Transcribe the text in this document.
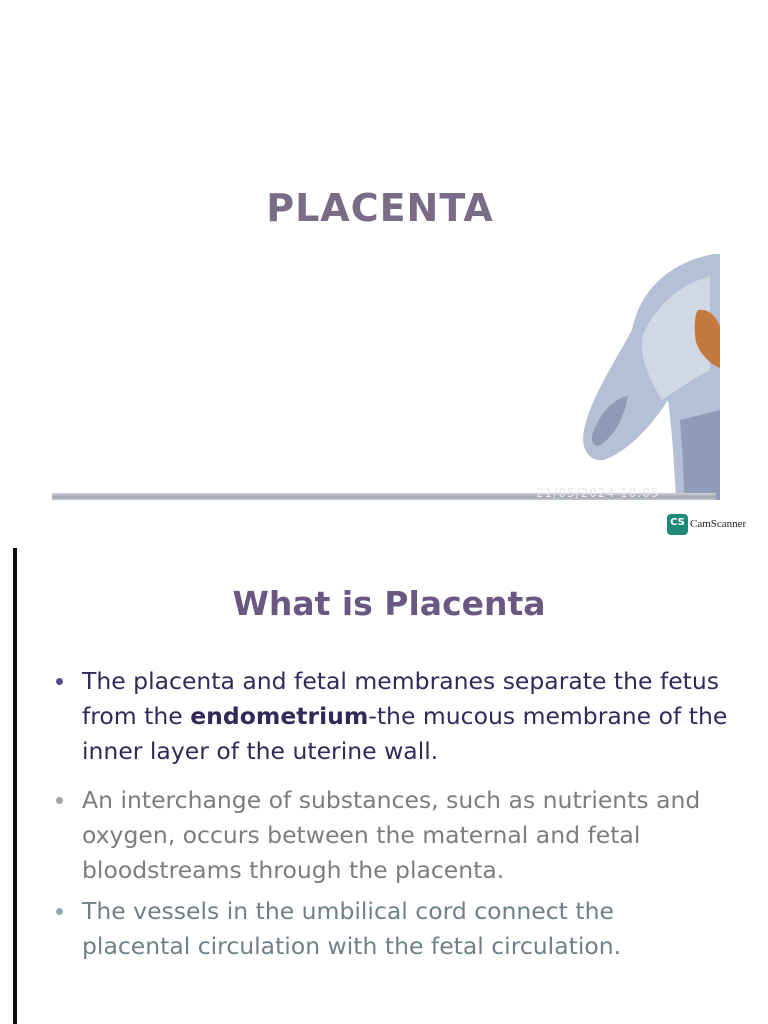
PLACENTA
21/05/2024 10:05
CS CamScanner
What is Placenta
The placenta and fetal membranes separate the fetus from the endometrium-the mucous membrane of the inner layer of the uterine wall.
An interchange of substances, such as nutrients and oxygen, occurs between the maternal and fetal bloodstreams through the placenta.
The vessels in the umbilical cord connect the placental circulation with the fetal circulation.
